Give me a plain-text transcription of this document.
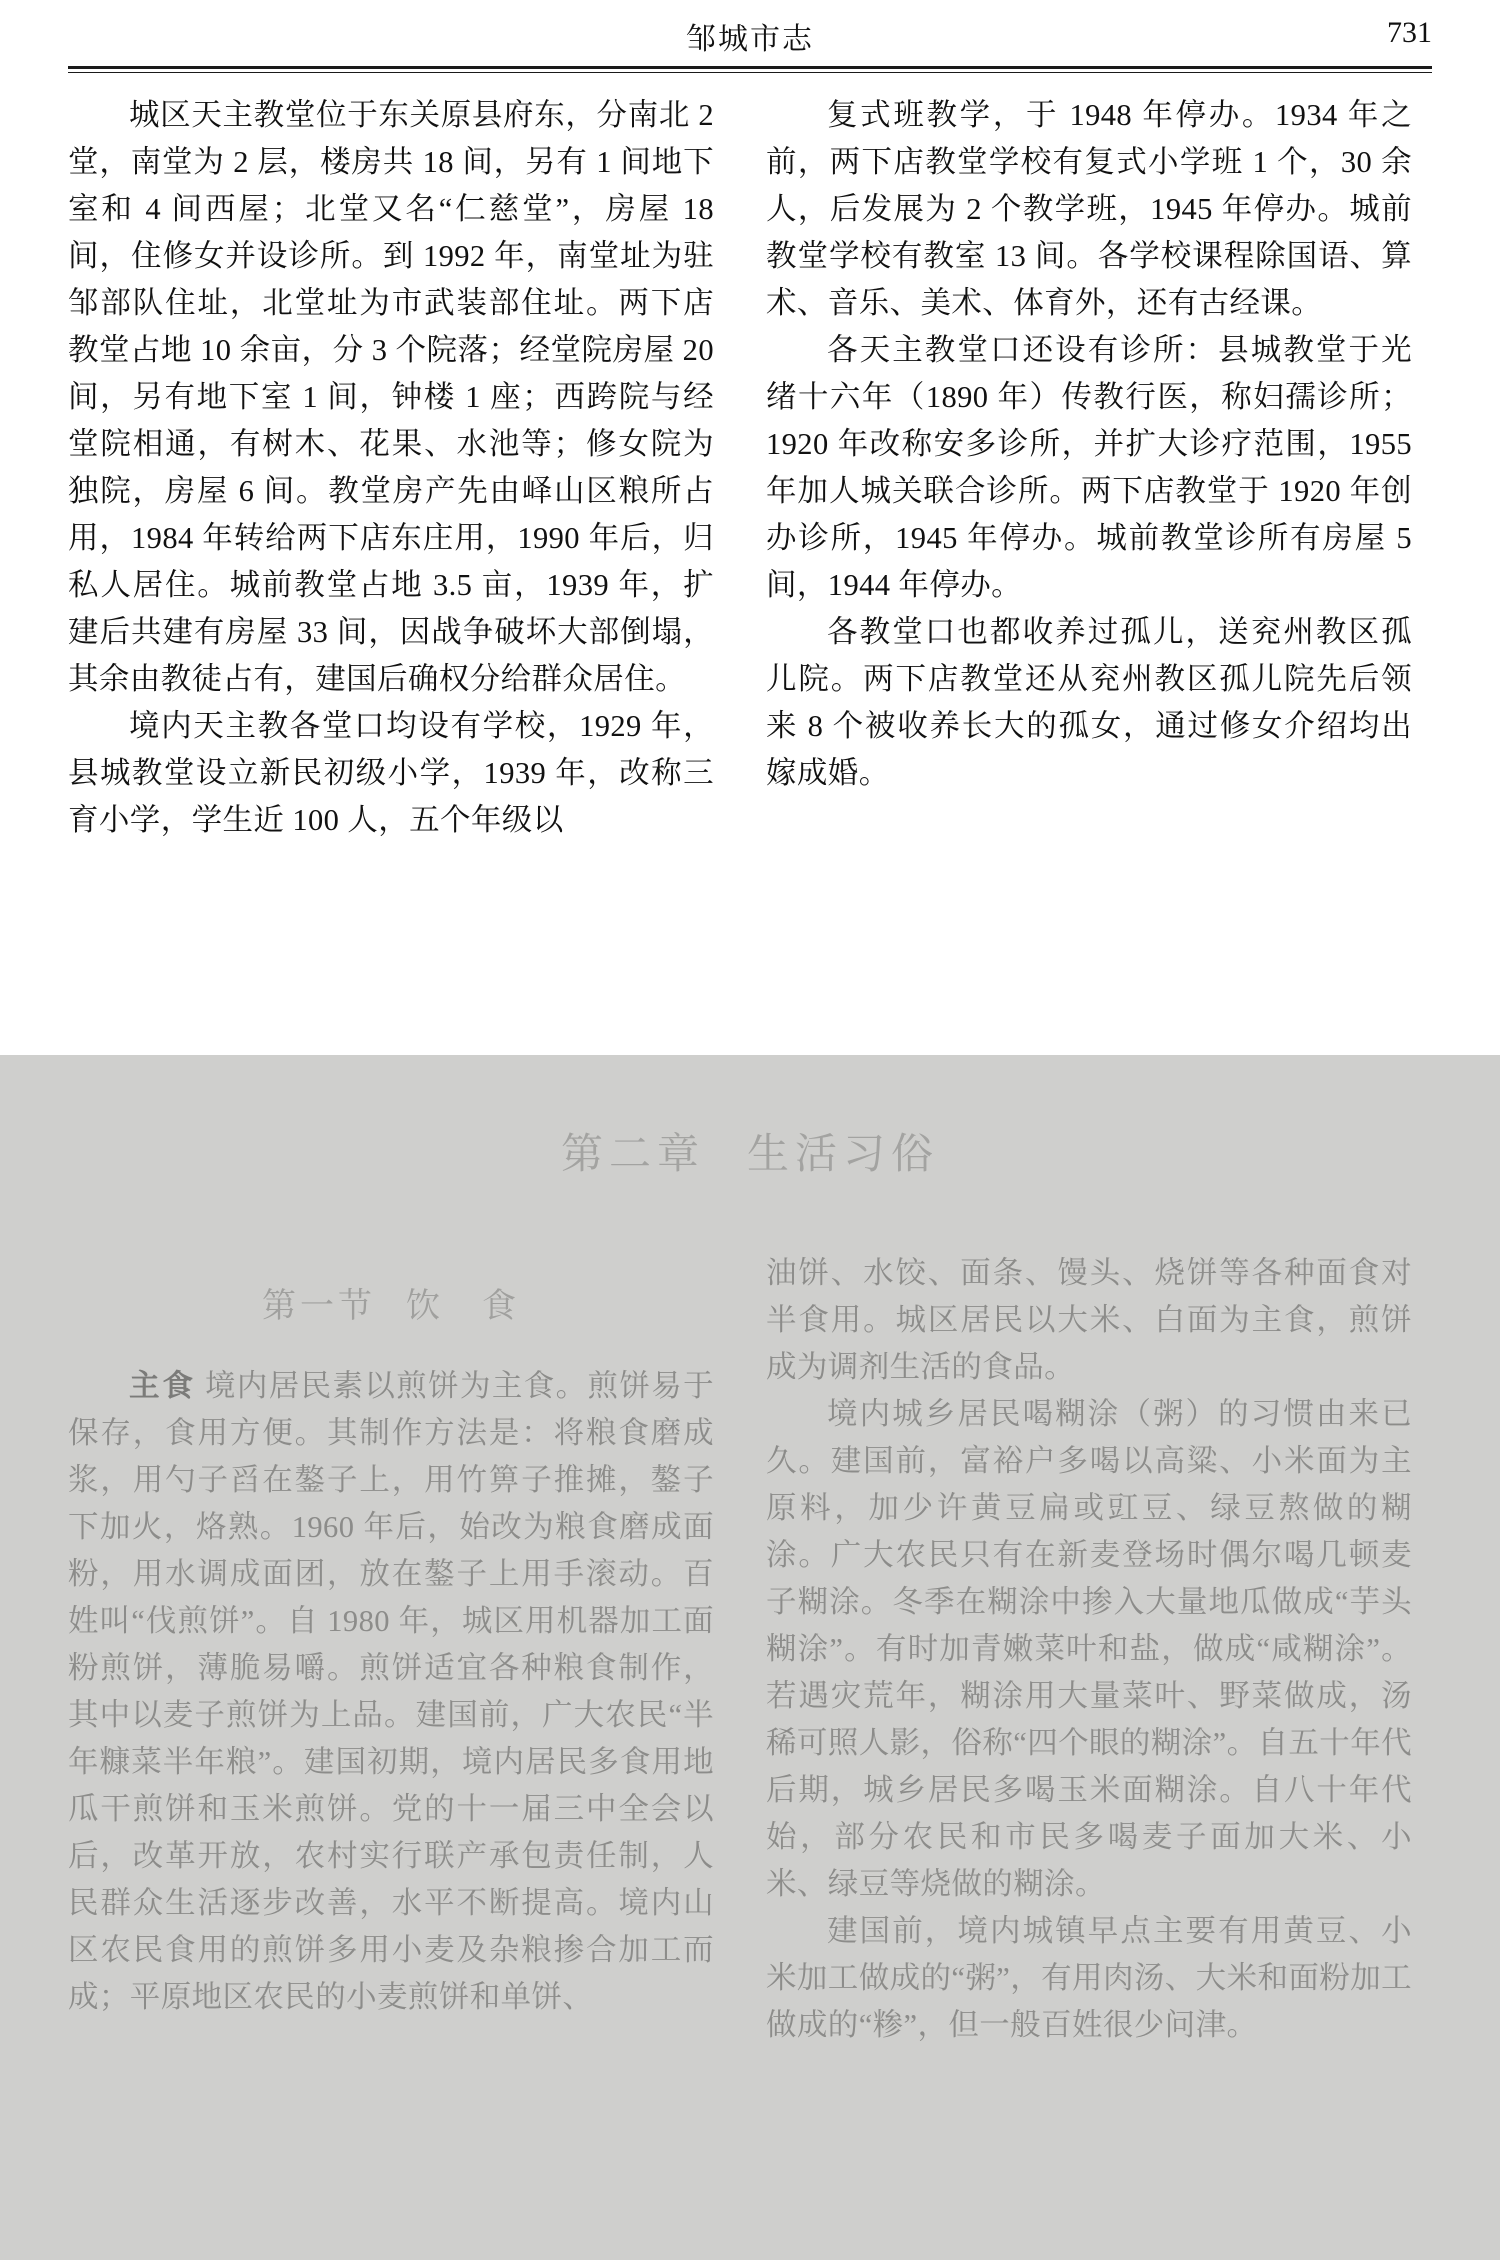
邹城市志	731

城区天主教堂位于东关原县府东，分南北 2 堂，南堂为 2 层，楼房共 18 间，另有 1 间地下室和 4 间西屋；北堂又名“仁慈堂”，房屋 18 间，住修女并设诊所。到 1992 年，南堂址为驻邹部队住址，北堂址为市武装部住址。两下店教堂占地 10 余亩，分 3 个院落；经堂院房屋 20 间，另有地下室 1 间，钟楼 1 座；西跨院与经堂院相通，有树木、花果、水池等；修女院为独院，房屋 6 间。教堂房产先由峄山区粮所占用，1984 年转给两下店东庄用，1990 年后，归私人居住。城前教堂占地 3.5 亩，1939 年，扩建后共建有房屋 33 间，因战争破坏大部倒塌，其余由教徒占有，建国后确权分给群众居住。

境内天主教各堂口均设有学校，1929 年，县城教堂设立新民初级小学，1939 年，改称三育小学，学生近 100 人，五个年级以

复式班教学，于 1948 年停办。1934 年之前，两下店教堂学校有复式小学班 1 个，30 余人，后发展为 2 个教学班，1945 年停办。城前教堂学校有教室 13 间。各学校课程除国语、算术、音乐、美术、体育外，还有古经课。

各天主教堂口还设有诊所：县城教堂于光绪十六年（1890 年）传教行医，称妇孺诊所；1920 年改称安多诊所，并扩大诊疗范围，1955 年加人城关联合诊所。两下店教堂于 1920 年创办诊所，1945 年停办。城前教堂诊所有房屋 5 间，1944 年停办。

各教堂口也都收养过孤儿，送兖州教区孤儿院。两下店教堂还从兖州教区孤儿院先后领来 8 个被收养长大的孤女，通过修女介绍均出嫁成婚。

第二章 生活习俗
第一节 饮　食

主食 境内居民素以煎饼为主食。煎饼易于保存，食用方便。其制作方法是：将粮食磨成浆，用勺子舀在鏊子上，用竹箅子推摊，鏊子下加火，烙熟。1960 年后，始改为粮食磨成面粉，用水调成面团，放在鏊子上用手滚动。百姓叫“伐煎饼”。自 1980 年，城区用机器加工面粉煎饼，薄脆易嚼。煎饼适宜各种粮食制作，其中以麦子煎饼为上品。建国前，广大农民“半年糠菜半年粮”。建国初期，境内居民多食用地瓜干煎饼和玉米煎饼。党的十一届三中全会以后，改革开放，农村实行联产承包责任制，人民群众生活逐步改善，水平不断提高。境内山区农民食用的煎饼多用小麦及杂粮掺合加工而成；平原地区农民的小麦煎饼和单饼、

油饼、水饺、面条、馒头、烧饼等各种面食对半食用。城区居民以大米、白面为主食，煎饼成为调剂生活的食品。

境内城乡居民喝糊涂（粥）的习惯由来已久。建国前，富裕户多喝以高粱、小米面为主原料，加少许黄豆扁或豇豆、绿豆熬做的糊涂。广大农民只有在新麦登场时偶尔喝几顿麦子糊涂。冬季在糊涂中掺入大量地瓜做成“芋头糊涂”。有时加青嫩菜叶和盐，做成“咸糊涂”。若遇灾荒年，糊涂用大量菜叶、野菜做成，汤稀可照人影，俗称“四个眼的糊涂”。自五十年代后期，城乡居民多喝玉米面糊涂。自八十年代始，部分农民和市民多喝麦子面加大米、小米、绿豆等烧做的糊涂。

建国前，境内城镇早点主要有用黄豆、小米加工做成的“粥”，有用肉汤、大米和面粉加工做成的“糁”，但一般百姓很少问津。
